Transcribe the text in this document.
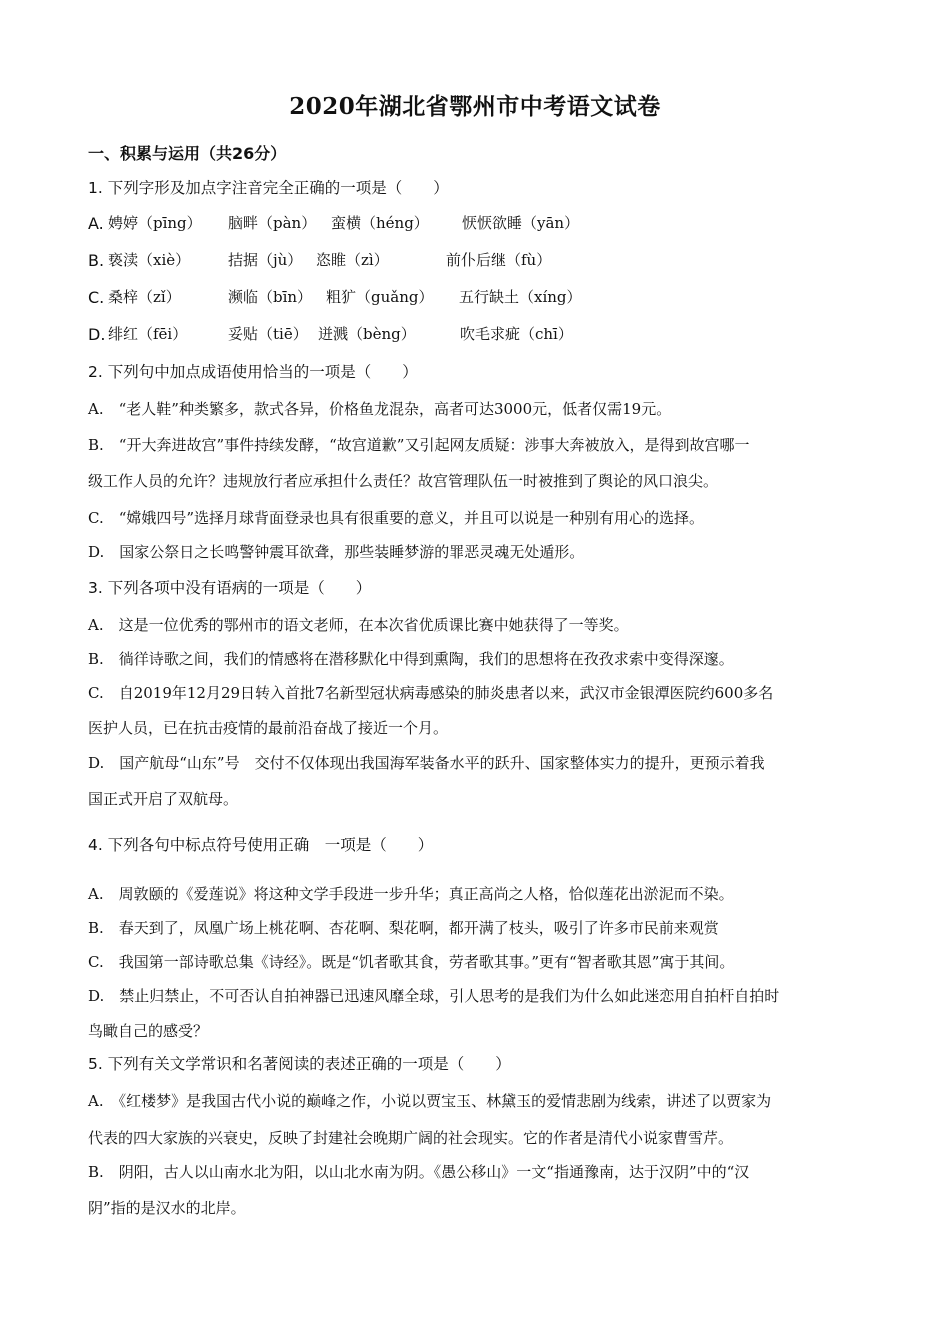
2020年湖北省鄂州市中考语文试卷
一、积累与运用（共26分）
1. 下列字形及加点字注音完全正确的一项是（　　）
A. 娉婷（pīng） 脑畔（pàn） 蛮横（héng） 恹恹欲睡（yān）
B. 亵渎（xiè）	拮据（jù） 恣睢（zì）	前仆后继（fù）
C. 桑梓（zǐ）	濒临（bīn） 粗犷（guǎng） 五行缺土（xíng）
D. 绯红（fēi）	妥贴（tiē） 迸溅（bèng）	吹毛求疵（chī）
2. 下列句中加点成语使用恰当的一项是（　　）
A.　“老人鞋”种类繁多，款式各异，价格鱼龙混杂，高者可达3000元，低者仅需19元。
B.　“开大奔进故宫”事件持续发酵，“故宫道歉”又引起网友质疑：涉事大奔被放入，是得到故宫哪一
级工作人员的允许？违规放行者应承担什么责任？故宫管理队伍一时被推到了舆论的风口浪尖。
C.　“嫦娥四号”选择月球背面登录也具有很重要的意义，并且可以说是一种别有用心的选择。
D.　国家公祭日之长鸣警钟震耳欲聋，那些装睡梦游的罪恶灵魂无处遁形。
3. 下列各项中没有语病的一项是（　　）
A.　这是一位优秀的鄂州市的语文老师，在本次省优质课比赛中她获得了一等奖。
B.　徜徉诗歌之间，我们的情感将在潜移默化中得到熏陶，我们的思想将在孜孜求索中变得深邃。
C.　自2019年12月29日转入首批7名新型冠状病毒感染的肺炎患者以来，武汉市金银潭医院约600多名
医护人员，已在抗击疫情的最前沿奋战了接近一个月。
D.　国产航母“山东”号　交付不仅体现出我国海军装备水平的跃升、国家整体实力的提升，更预示着我
国正式开启了双航母。
4. 下列各句中标点符号使用正确　一项是（　　）
A.　周敦颐的《爱莲说》将这种文学手段进一步升华；真正高尚之人格，恰似莲花出淤泥而不染。
B.　春天到了，凤凰广场上桃花啊、杏花啊、梨花啊，都开满了枝头，吸引了许多市民前来观赏
C.　我国第一部诗歌总集《诗经》。既是“饥者歌其食，劳者歌其事。”更有“智者歌其恩”寓于其间。
D.　禁止归禁止，不可否认自拍神器已迅速风靡全球，引人思考的是我们为什么如此迷恋用自拍杆自拍时
鸟瞰自己的感受？
5. 下列有关文学常识和名著阅读的表述正确的一项是（　　）
A.　《红楼梦》是我国古代小说的巅峰之作，小说以贾宝玉、林黛玉的爱情悲剧为线索，讲述了以贾家为
代表的四大家族的兴衰史，反映了封建社会晚期广阔的社会现实。它的作者是清代小说家曹雪芹。
B.　阴阳，古人以山南水北为阳，以山北水南为阴。《愚公移山》一文“指通豫南，达于汉阴”中的“汉
阴”指的是汉水的北岸。
